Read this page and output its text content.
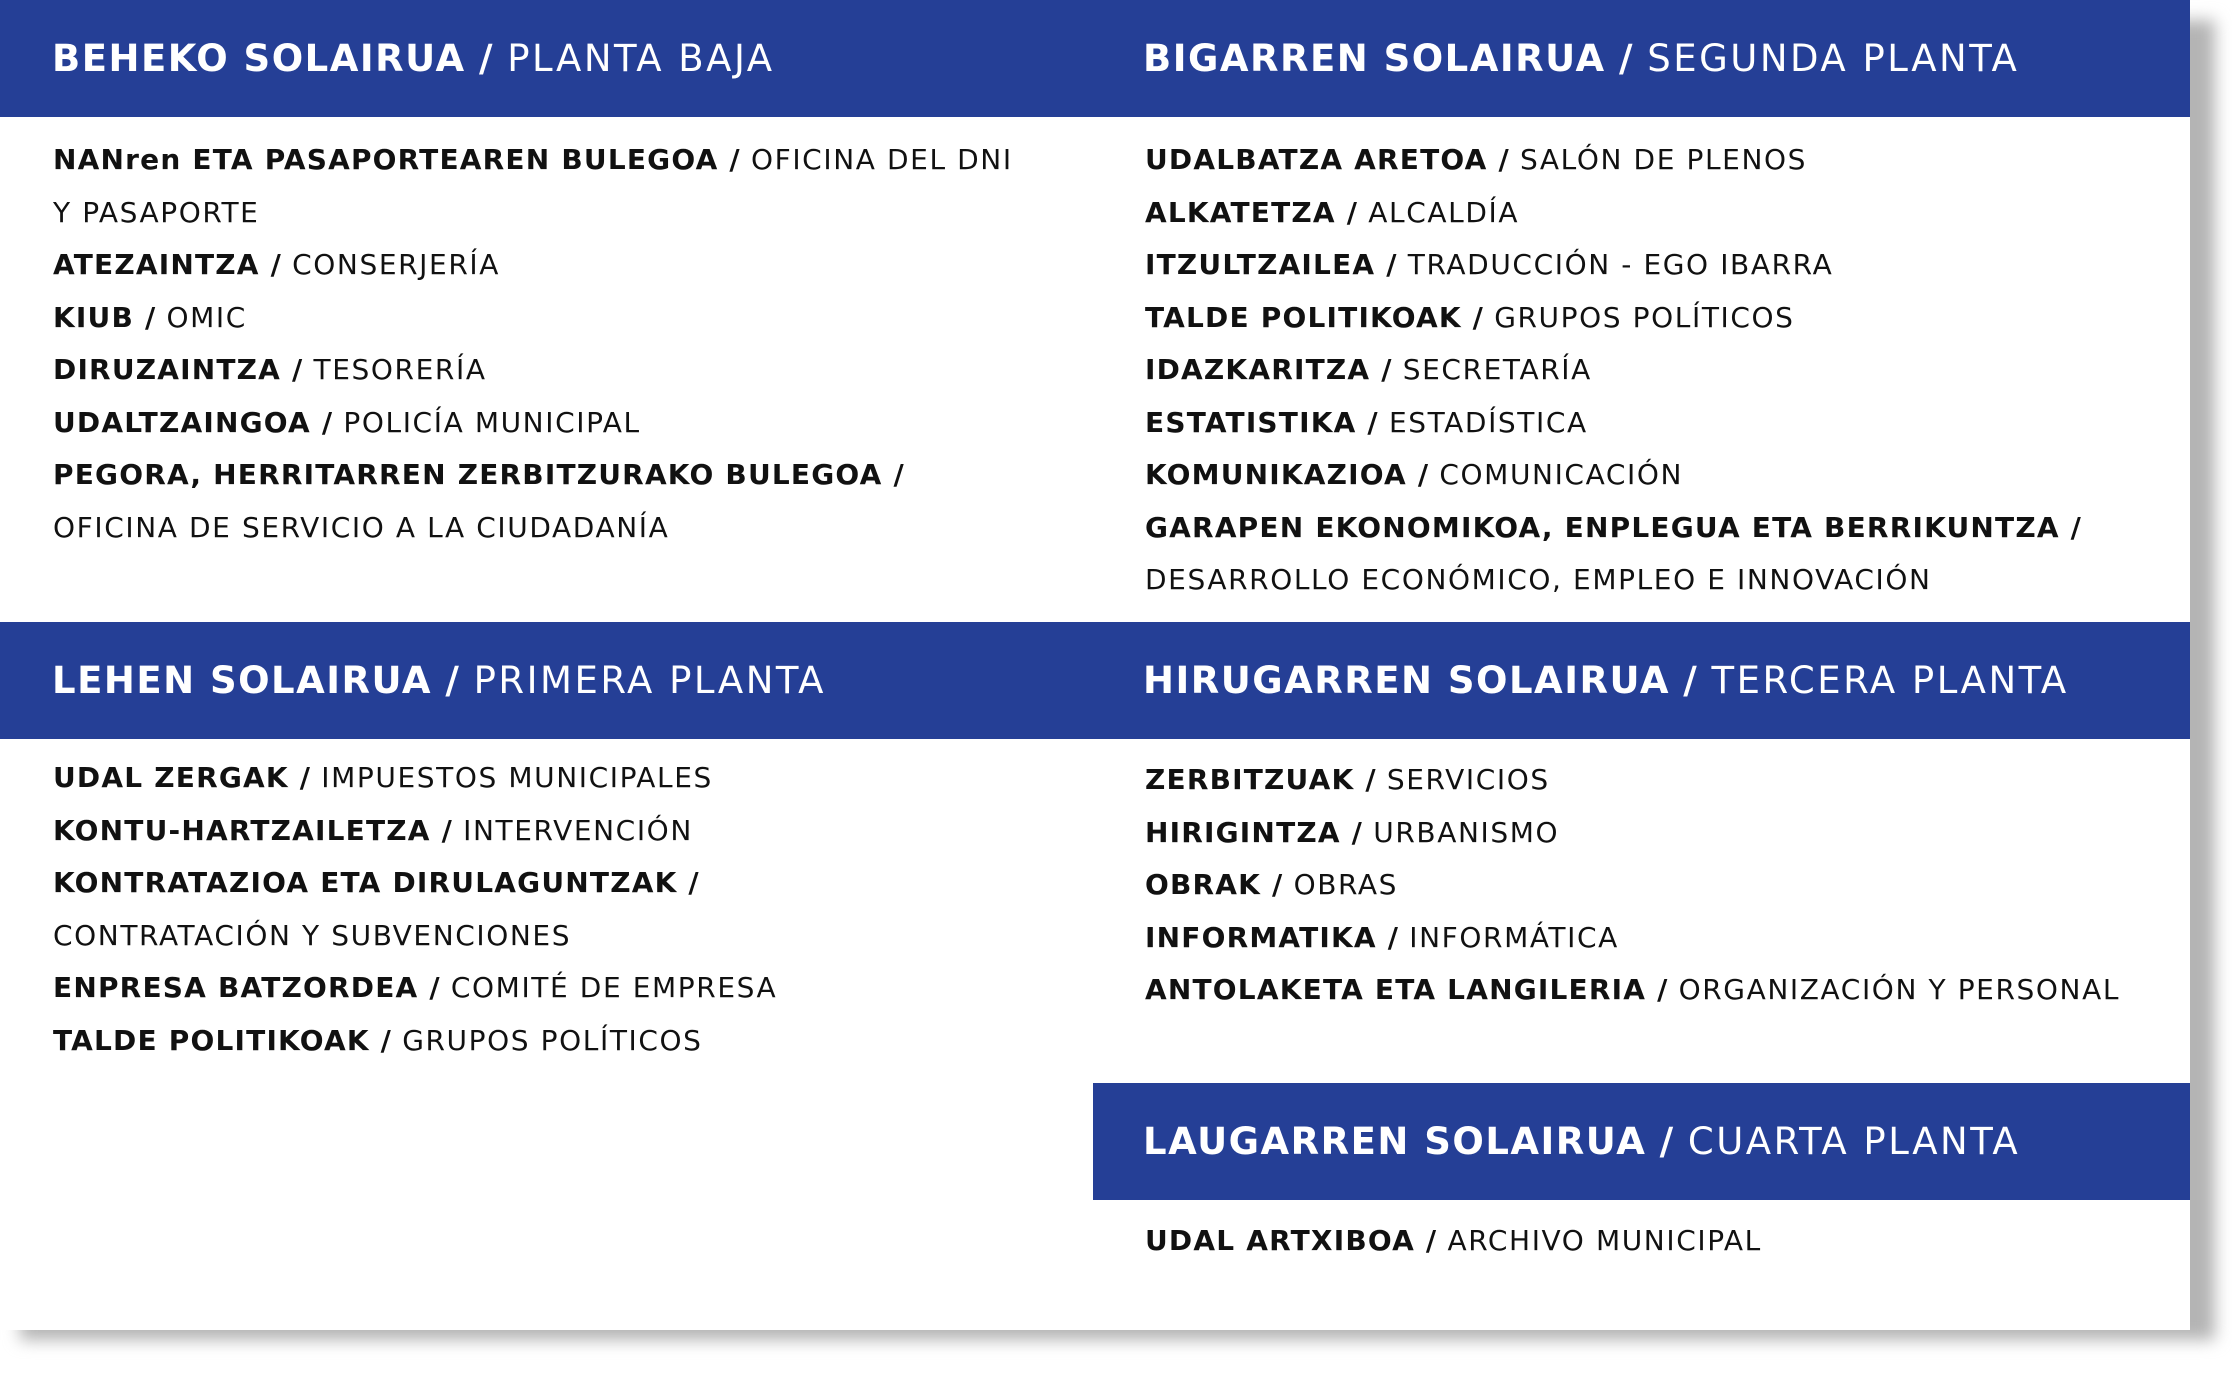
BEHEKO SOLAIRUA
/
PLANTA BAJA
NANren ETA PASAPORTEAREN BULEGOA / OFICINA DEL DNI
Y PASAPORTE
ATEZAINTZA / CONSERJERÍA
KIUB / OMIC
DIRUZAINTZA / TESORERÍA
UDALTZAINGOA / POLICÍA MUNICIPAL
PEGORA, HERRITARREN ZERBITZURAKO BULEGOA /
OFICINA DE SERVICIO A LA CIUDADANÍA
BIGARREN SOLAIRUA
/
SEGUNDA PLANTA
UDALBATZA ARETOA / SALÓN DE PLENOS
ALKATETZA / ALCALDÍA
ITZULTZAILEA / TRADUCCIÓN - EGO IBARRA
TALDE POLITIKOAK / GRUPOS POLÍTICOS
IDAZKARITZA / SECRETARÍA
ESTATISTIKA / ESTADÍSTICA
KOMUNIKAZIOA / COMUNICACIÓN
GARAPEN EKONOMIKOA, ENPLEGUA ETA BERRIKUNTZA /
DESARROLLO ECONÓMICO, EMPLEO E INNOVACIÓN
LEHEN SOLAIRUA
/
PRIMERA PLANTA
UDAL ZERGAK / IMPUESTOS MUNICIPALES
KONTU-HARTZAILETZA / INTERVENCIÓN
KONTRATAZIOA ETA DIRULAGUNTZAK /
CONTRATACIÓN Y SUBVENCIONES
ENPRESA BATZORDEA / COMITÉ DE EMPRESA
TALDE POLITIKOAK / GRUPOS POLÍTICOS
HIRUGARREN SOLAIRUA
/
TERCERA PLANTA
ZERBITZUAK / SERVICIOS
HIRIGINTZA / URBANISMO
OBRAK / OBRAS
INFORMATIKA / INFORMÁTICA
ANTOLAKETA ETA LANGILERIA / ORGANIZACIÓN Y PERSONAL
LAUGARREN SOLAIRUA
/
CUARTA PLANTA
UDAL ARTXIBOA / ARCHIVO MUNICIPAL
